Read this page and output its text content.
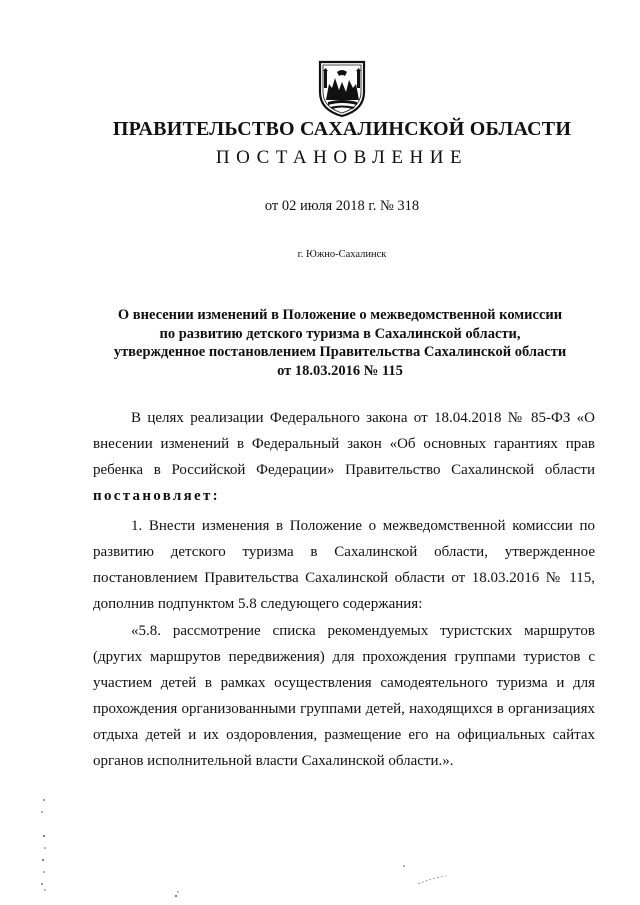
ПРАВИТЕЛЬСТВО САХАЛИНСКОЙ ОБЛАСТИ
ПОСТАНОВЛЕНИЕ
от 02 июля 2018 г. № 318
г. Южно-Сахалинск
О внесении изменений в Положение о межведомственной комиссии
по развитию детского туризма в Сахалинской области,
утвержденное постановлением Правительства Сахалинской области
от 18.03.2016 № 115
В целях реализации Федерального закона от 18.04.2018 № 85-ФЗ «О внесении изменений в Федеральный закон «Об основных гарантиях прав ребенка в Российской Федерации» Правительство Сахалинской области постановляет:
1. Внести изменения в Положение о межведомственной комиссии по развитию детского туризма в Сахалинской области, утвержденное постановлением Правительства Сахалинской области от 18.03.2016 № 115, дополнив подпунктом 5.8 следующего содержания:
«5.8. рассмотрение списка рекомендуемых туристских маршрутов (других маршрутов передвижения) для прохождения группами туристов с участием детей в рамках осуществления самодеятельного туризма и для прохождения организованными группами детей, находящихся в организациях отдыха детей и их оздоровления, размещение его на официальных сайтах органов исполнительной власти Сахалинской области.».
